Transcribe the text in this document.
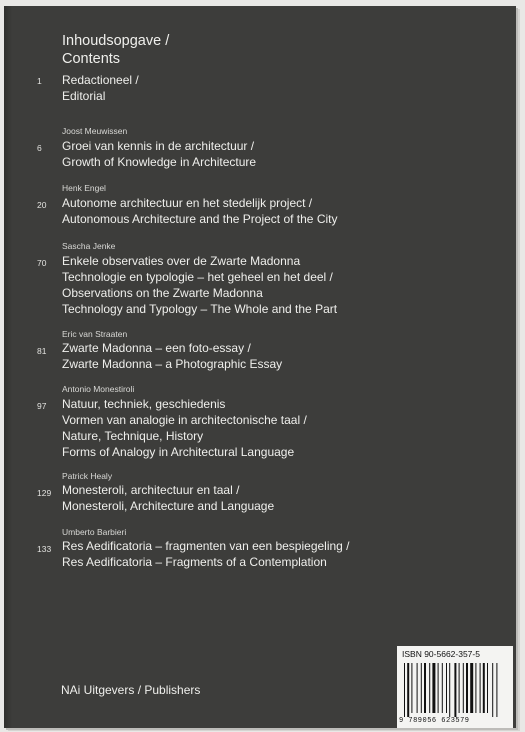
Inhoudsopgave /
Contents
1 Redactioneel /
Editorial
Joost Meuwissen
6 Groei van kennis in de architectuur /
Growth of Knowledge in Architecture
Henk Engel
20 Autonome architectuur en het stedelijk project /
Autonomous Architecture and the Project of the City
Sascha Jenke
70 Enkele observaties over de Zwarte Madonna
Technologie en typologie – het geheel en het deel /
Observations on the Zwarte Madonna
Technology and Typology – The Whole and the Part
Eric van Straaten
81 Zwarte Madonna – een foto-essay /
Zwarte Madonna – a Photographic Essay
Antonio Monestiroli
97 Natuur, techniek, geschiedenis
Vormen van analogie in architectonische taal /
Nature, Technique, History
Forms of Analogy in Architectural Language
Patrick Healy
129 Monesteroli, architectuur en taal /
Monesteroli, Architecture and Language
Umberto Barbieri
133 Res Aedificatoria – fragmenten van een bespiegeling /
Res Aedificatoria – Fragments of a Contemplation
NAi Uitgevers / Publishers
ISBN 90-5662-357-5
9 789056 623579
